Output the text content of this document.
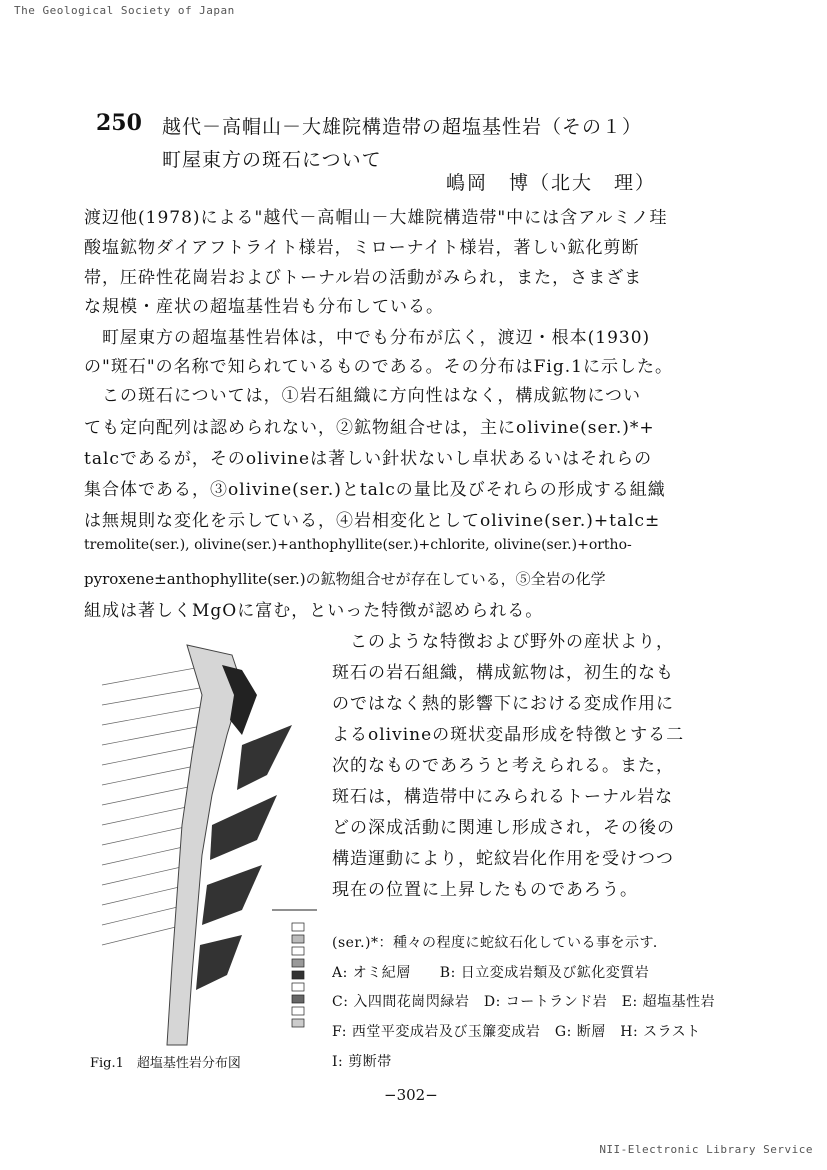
The Geological Society of Japan
250 越代－高帽山－大雄院構造帯の超塩基性岩（その１）
町屋東方の斑石について
嶋岡　博（北大　理）
渡辺他(1978)による"越代－高帽山－大雄院構造帯"中には含アルミノ珪
酸塩鉱物ダイアフトライト様岩，ミローナイト様岩，著しい鉱化剪断
帯，圧砕性花崗岩およびトーナル岩の活動がみられ，また，さまざま
な規模・産状の超塩基性岩も分布している。
　町屋東方の超塩基性岩体は，中でも分布が広く，渡辺・根本(1930)
の"斑石"の名称で知られているものである。その分布はFig.1に示した。
　この斑石については，①岩石組織に方向性はなく，構成鉱物につい
ても定向配列は認められない，②鉱物組合せは，主にolivine(ser.)*+
talcであるが，そのolivineは著しい針状ないし卓状あるいはそれらの
集合体である，③olivine(ser.)とtalcの量比及びそれらの形成する組織
は無規則な変化を示している，④岩相変化としてolivine(ser.)+talc±
tremolite(ser.), olivine(ser.)+anthophyllite(ser.)+chlorite, olivine(ser.)+ortho-
pyroxene±anthophyllite(ser.)の鉱物組合せが存在している，⑤全岩の化学
組成は著しくMgOに富む，といった特徴が認められる。
Fig.1　超塩基性岩分布図
　このような特徴および野外の産状より，
斑石の岩石組織，構成鉱物は，初生的なも
のではなく熱的影響下における変成作用に
よるolivineの斑状変晶形成を特徴とする二
次的なものであろうと考えられる。また，
斑石は，構造帯中にみられるトーナル岩な
どの深成活動に関連し形成され，その後の
構造運動により，蛇紋岩化作用を受けつつ
現在の位置に上昇したものであろう。
(ser.)*：種々の程度に蛇紋石化している事を示す．
A: オミ紀層　　B: 日立変成岩類及び鉱化変質岩
C: 入四間花崗閃緑岩　D: コートランド岩　E: 超塩基性岩
F: 西堂平変成岩及び玉簾変成岩　G: 断層　H: スラスト
I: 剪断帯
−302−
NII-Electronic Library Service
